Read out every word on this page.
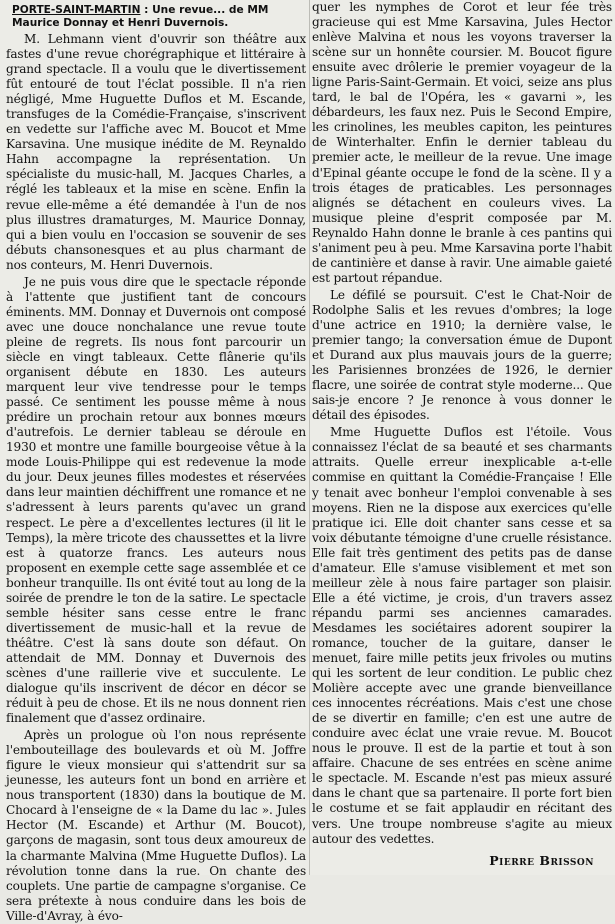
PORTE-SAINT-MARTIN : Une revue... de MM Maurice Donnay et Henri Duvernois.

M. Lehmann vient d'ouvrir son théâtre aux fastes d'une revue chorégraphique et littéraire à grand spectacle. Il a voulu que le divertissement fût entouré de tout l'éclat possible. Il n'a rien négligé, Mme Huguette Duflos et M. Escande, transfuges de la Comédie-Française, s'inscrivent en vedette sur l'affiche avec M. Boucot et Mme Karsavina. Une musique inédite de M. Reynaldo Hahn accompagne la représentation. Un spécialiste du music-hall, M. Jacques Charles, a réglé les tableaux et la mise en scène. Enfin la revue elle-même a été demandée à l'un de nos plus illustres dramaturges, M. Maurice Donnay, qui a bien voulu en l'occasion se souvenir de ses débuts chansonesques et au plus charmant de nos conteurs, M. Henri Duvernois.

Je ne puis vous dire que le spectacle réponde à l'attente que justifient tant de concours éminents. MM. Donnay et Duvernois ont composé avec une douce nonchalance une revue toute pleine de regrets. Ils nous font parcourir un siècle en vingt tableaux. Cette flânerie qu'ils organisent débute en 1830. Les auteurs marquent leur vive tendresse pour le temps passé. Ce sentiment les pousse même à nous prédire un prochain retour aux bonnes mœurs d'autrefois. Le dernier tableau se déroule en 1930 et montre une famille bourgeoise vêtue à la mode Louis-Philippe qui est redevenue la mode du jour. Deux jeunes filles modestes et réservées dans leur maintien déchiffrent une romance et ne s'adressent à leurs parents qu'avec un grand respect. Le père a d'excellentes lectures (il lit le Temps), la mère tricote des chaussettes et la livre est à quatorze francs. Les auteurs nous proposent en exemple cette sage assemblée et ce bonheur tranquille. Ils ont évité tout au long de la soirée de prendre le ton de la satire. Le spectacle semble hésiter sans cesse entre le franc divertissement de music-hall et la revue de théâtre. C'est là sans doute son défaut. On attendait de MM. Donnay et Duvernois des scènes d'une raillerie vive et succulente. Le dialogue qu'ils inscrivent de décor en décor se réduit à peu de chose. Et ils ne nous donnent rien finalement que d'assez ordinaire.

Après un prologue où l'on nous représente l'embouteillage des boulevards et où M. Joffre figure le vieux monsieur qui s'attendrit sur sa jeunesse, les auteurs font un bond en arrière et nous transportent (1830) dans la boutique de M. Chocard à l'enseigne de « la Dame du lac ». Jules Hector (M. Escande) et Arthur (M. Boucot), garçons de magasin, sont tous deux amoureux de la charmante Malvina (Mme Huguette Duflos). La révolution tonne dans la rue. On chante des couplets. Une partie de campagne s'organise. Ce sera prétexte à nous conduire dans les bois de Ville-d'Avray, à évo-

quer les nymphes de Corot et leur fée très gracieuse qui est Mme Karsavina, Jules Hector enlève Malvina et nous les voyons traverser la scène sur un honnête coursier. M. Boucot figure ensuite avec drôlerie le premier voyageur de la ligne Paris-Saint-Germain. Et voici, seize ans plus tard, le bal de l'Opéra, les « gavarni », les débardeurs, les faux nez. Puis le Second Empire, les crinolines, les meubles capiton, les peintures de Winterhalter. Enfin le dernier tableau du premier acte, le meilleur de la revue. Une image d'Epinal géante occupe le fond de la scène. Il y a trois étages de praticables. Les personnages alignés se détachent en couleurs vives. La musique pleine d'esprit composée par M. Reynaldo Hahn donne le branle à ces pantins qui s'animent peu à peu. Mme Karsavina porte l'habit de cantinière et danse à ravir. Une aimable gaieté est partout répandue.

Le défilé se poursuit. C'est le Chat-Noir de Rodolphe Salis et les revues d'ombres; la loge d'une actrice en 1910; la dernière valse, le premier tango; la conversation émue de Dupont et Durand aux plus mauvais jours de la guerre; les Parisiennes bronzées de 1926, le dernier flacre, une soirée de contrat style moderne... Que sais-je encore ? Je renonce à vous donner le détail des épisodes.

Mme Huguette Duflos est l'étoile. Vous connaissez l'éclat de sa beauté et ses charmants attraits. Quelle erreur inexplicable a-t-elle commise en quittant la Comédie-Française ! Elle y tenait avec bonheur l'emploi convenable à ses moyens. Rien ne la dispose aux exercices qu'elle pratique ici. Elle doit chanter sans cesse et sa voix débutante témoigne d'une cruelle résistance. Elle fait très gentiment des petits pas de danse d'amateur. Elle s'amuse visiblement et met son meilleur zèle à nous faire partager son plaisir. Elle a été victime, je crois, d'un travers assez répandu parmi ses anciennes camarades. Mesdames les sociétaires adorent soupirer la romance, toucher de la guitare, danser le menuet, faire mille petits jeux frivoles ou mutins qui les sortent de leur condition. Le public chez Molière accepte avec une grande bienveillance ces innocentes récréations. Mais c'est une chose de se divertir en famille; c'en est une autre de conduire avec éclat une vraie revue. M. Boucot nous le prouve. Il est de la partie et tout à son affaire. Chacune de ses entrées en scène anime le spectacle. M. Escande n'est pas mieux assuré dans le chant que sa partenaire. Il porte fort bien le costume et se fait applaudir en récitant des vers. Une troupe nombreuse s'agite au mieux autour des vedettes.

Pierre Brisson
